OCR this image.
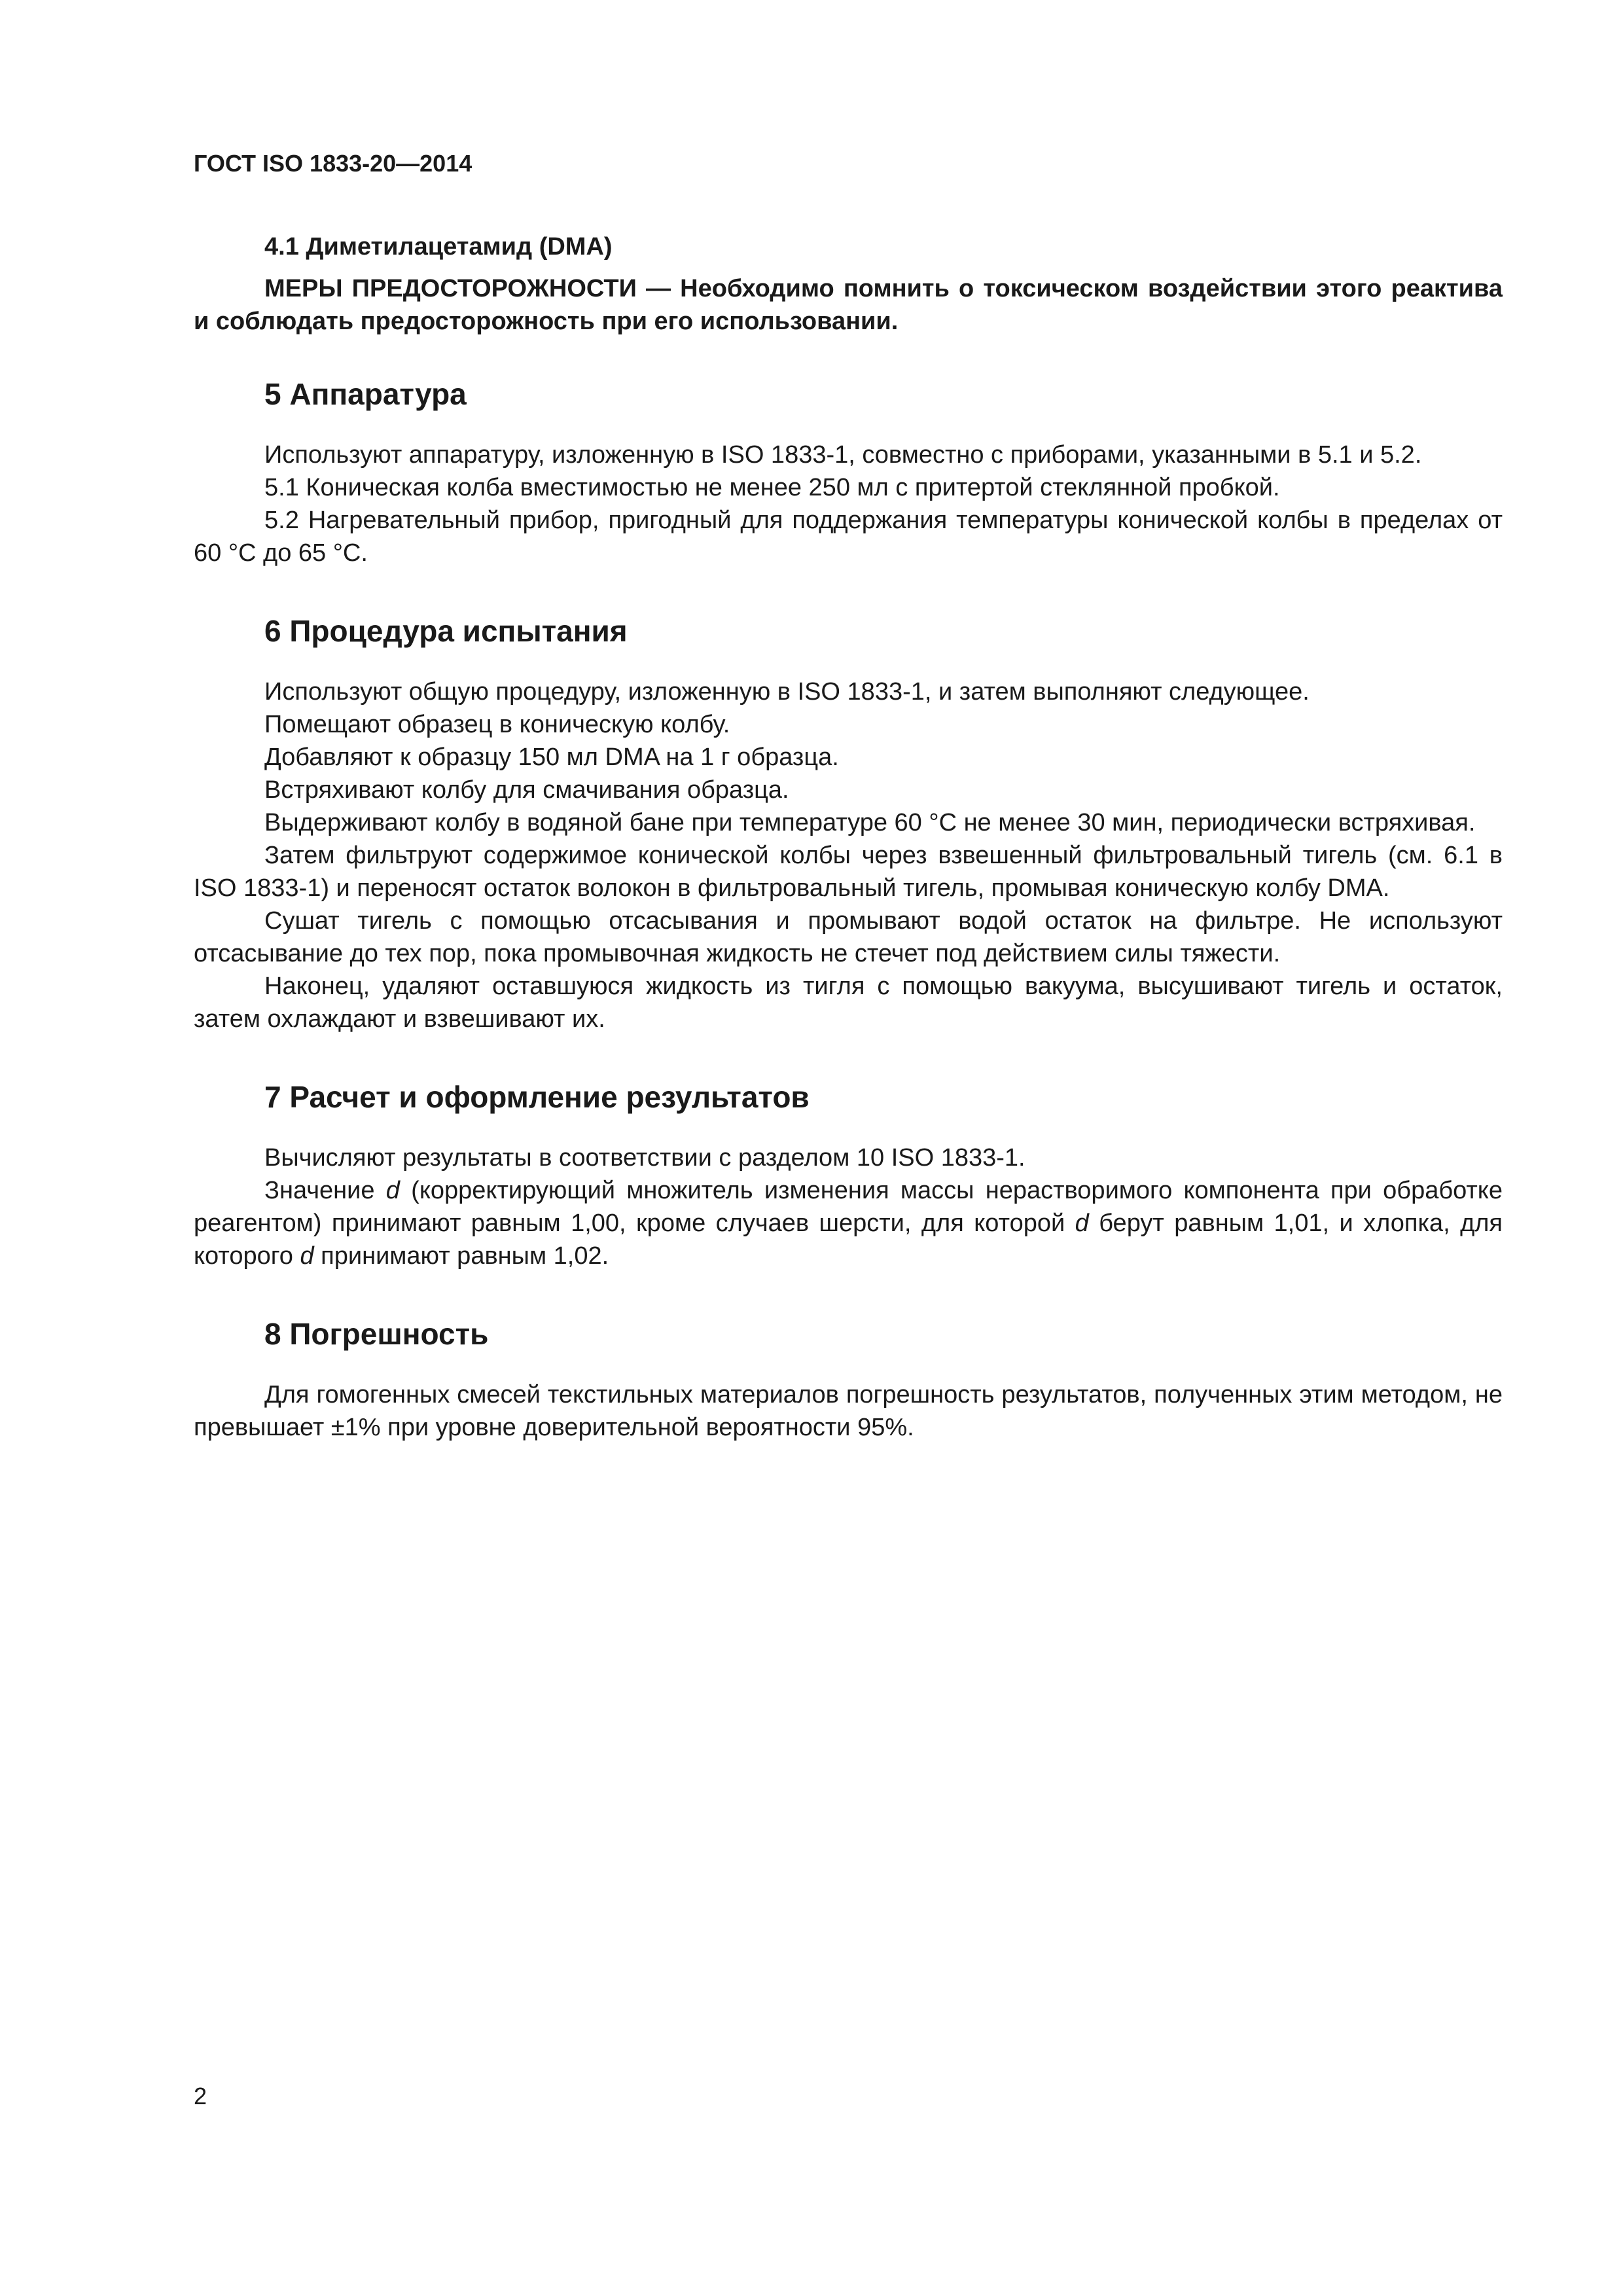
ГОСТ ISO 1833-20—2014

4.1 Диметилацетамид (DMA)

МЕРЫ ПРЕДОСТОРОЖНОСТИ — Необходимо помнить о токсическом воздействии этого реактива и соблюдать предосторожность при его использовании.

5 Аппаратура

Используют аппаратуру, изложенную в ISO 1833-1, совместно с приборами, указанными в 5.1 и 5.2.

5.1 Коническая колба вместимостью не менее 250 мл с притертой стеклянной пробкой.

5.2 Нагревательный прибор, пригодный для поддержания температуры конической колбы в пределах от 60 °С до 65 °С.

6 Процедура испытания

Используют общую процедуру, изложенную в ISO 1833-1, и затем выполняют следующее.

Помещают образец в коническую колбу.

Добавляют к образцу 150 мл DMA на 1 г образца.

Встряхивают колбу для смачивания образца.

Выдерживают колбу в водяной бане при температуре 60 °С не менее 30 мин, периодически встряхивая.

Затем фильтруют содержимое конической колбы через взвешенный фильтровальный тигель (см. 6.1 в ISO 1833-1) и переносят остаток волокон в фильтровальный тигель, промывая коническую колбу DMA.

Сушат тигель с помощью отсасывания и промывают водой остаток на фильтре. Не используют отсасывание до тех пор, пока промывочная жидкость не стечет под действием силы тяжести.

Наконец, удаляют оставшуюся жидкость из тигля с помощью вакуума, высушивают тигель и остаток, затем охлаждают и взвешивают их.

7 Расчет и оформление результатов

Вычисляют результаты в соответствии с разделом 10 ISO 1833-1.

Значение d (корректирующий множитель изменения массы нерастворимого компонента при обработке реагентом) принимают равным 1,00, кроме случаев шерсти, для которой d берут равным 1,01, и хлопка, для которого d принимают равным 1,02.

8 Погрешность

Для гомогенных смесей текстильных материалов погрешность результатов, полученных этим методом, не превышает ±1% при уровне доверительной вероятности 95%.

2
